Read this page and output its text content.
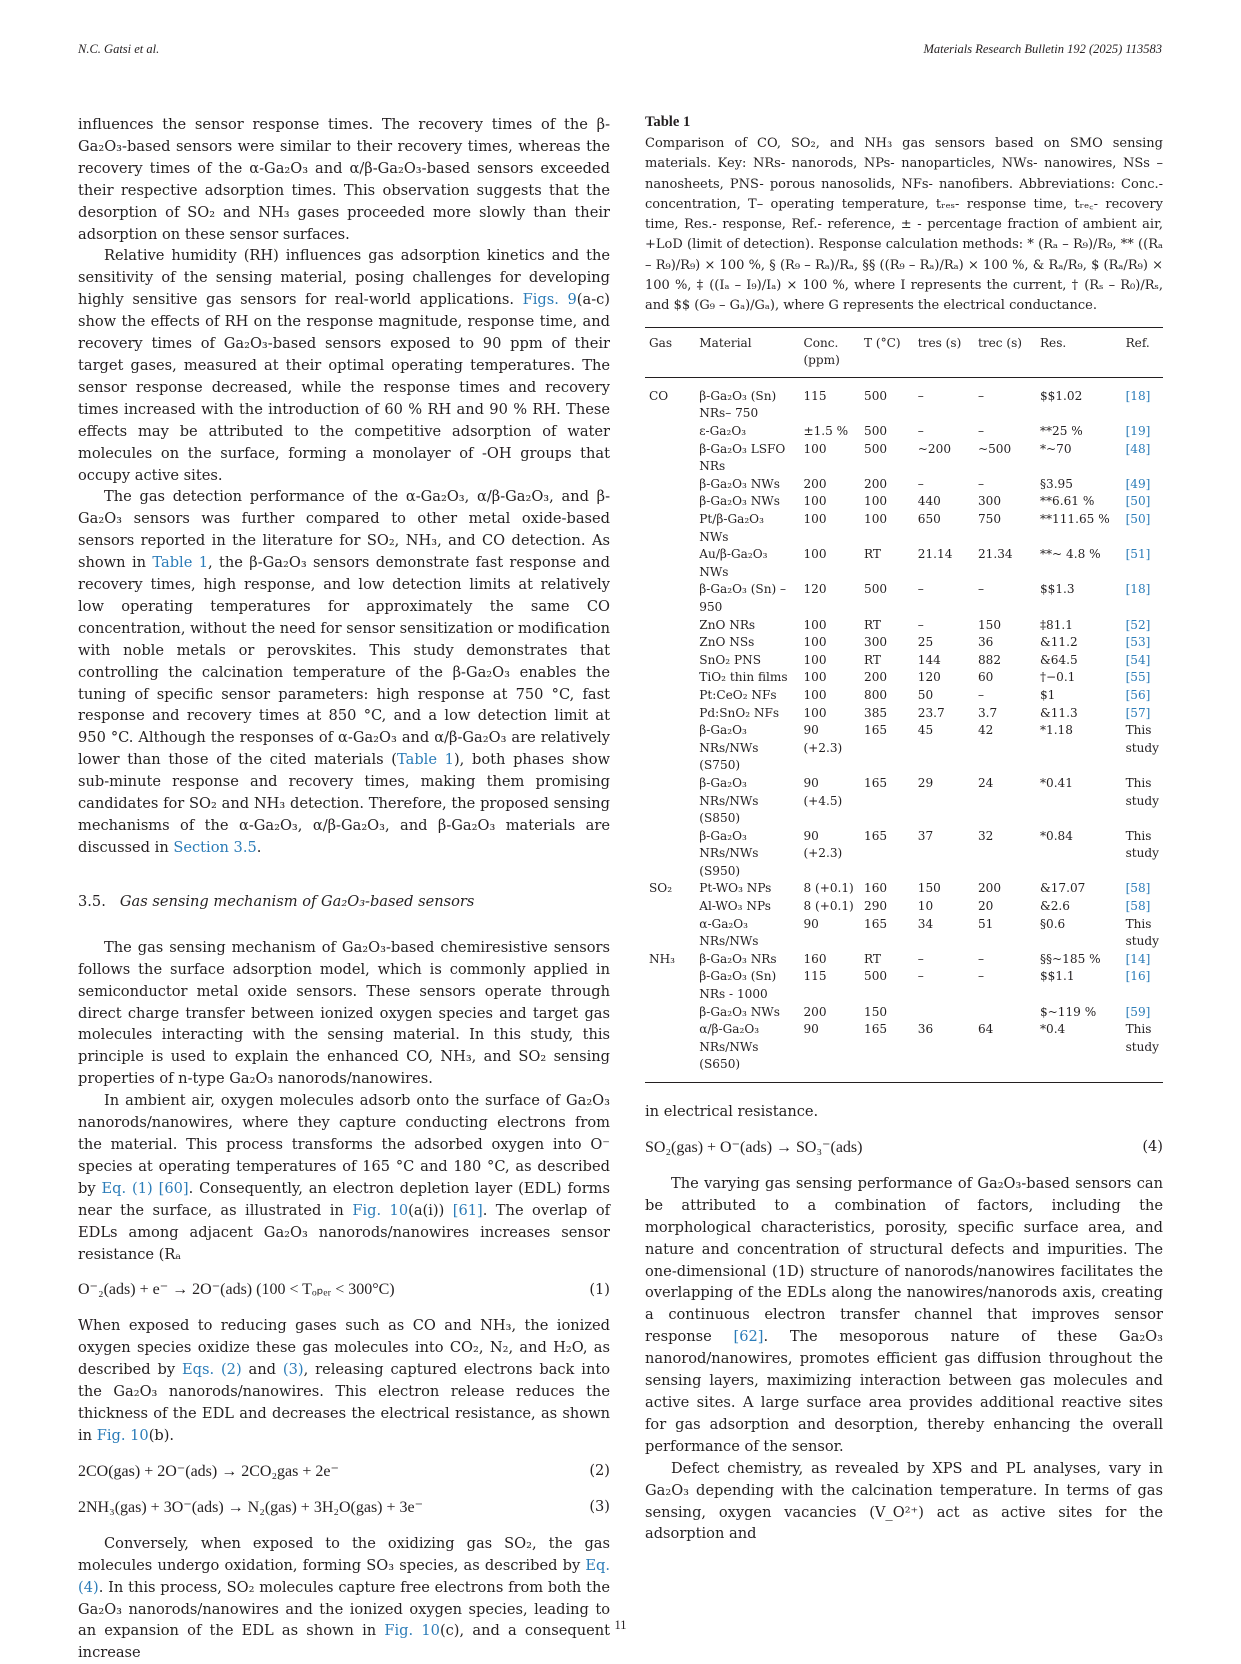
N.C. Gatsi et al.	Materials Research Bulletin 192 (2025) 113583

influences the sensor response times. The recovery times of the β-Ga₂O₃-based sensors were similar to their recovery times, whereas the recovery times of the α-Ga₂O₃ and α/β-Ga₂O₃-based sensors exceeded their respective adsorption times. This observation suggests that the desorption of SO₂ and NH₃ gases proceeded more slowly than their adsorption on these sensor surfaces.

Relative humidity (RH) influences gas adsorption kinetics and the sensitivity of the sensing material, posing challenges for developing highly sensitive gas sensors for real-world applications. Figs. 9(a-c) show the effects of RH on the response magnitude, response time, and recovery times of Ga₂O₃-based sensors exposed to 90 ppm of their target gases, measured at their optimal operating temperatures. The sensor response decreased, while the response times and recovery times increased with the introduction of 60 % RH and 90 % RH. These effects may be attributed to the competitive adsorption of water molecules on the surface, forming a monolayer of -OH groups that occupy active sites.

The gas detection performance of the α-Ga₂O₃, α/β-Ga₂O₃, and β-Ga₂O₃ sensors was further compared to other metal oxide-based sensors reported in the literature for SO₂, NH₃, and CO detection. As shown in Table 1, the β-Ga₂O₃ sensors demonstrate fast response and recovery times, high response, and low detection limits at relatively low operating temperatures for approximately the same CO concentration, without the need for sensor sensitization or modification with noble metals or perovskites. This study demonstrates that controlling the calcination temperature of the β-Ga₂O₃ enables the tuning of specific sensor parameters: high response at 750 °C, fast response and recovery times at 850 °C, and a low detection limit at 950 °C. Although the responses of α-Ga₂O₃ and α/β-Ga₂O₃ are relatively lower than those of the cited materials (Table 1), both phases show sub-minute response and recovery times, making them promising candidates for SO₂ and NH₃ detection. Therefore, the proposed sensing mechanisms of the α-Ga₂O₃, α/β-Ga₂O₃, and β-Ga₂O₃ materials are discussed in Section 3.5.

3.5. Gas sensing mechanism of Ga₂O₃-based sensors

The gas sensing mechanism of Ga₂O₃-based chemiresistive sensors follows the surface adsorption model, which is commonly applied in semiconductor metal oxide sensors. These sensors operate through direct charge transfer between ionized oxygen species and target gas molecules interacting with the sensing material. In this study, this principle is used to explain the enhanced CO, NH₃, and SO₂ sensing properties of n-type Ga₂O₃ nanorods/nanowires.

In ambient air, oxygen molecules adsorb onto the surface of Ga₂O₃ nanorods/nanowires, where they capture conducting electrons from the material. This process transforms the adsorbed oxygen into O⁻ species at operating temperatures of 165 °C and 180 °C, as described by Eq. (1) [60]. Consequently, an electron depletion layer (EDL) forms near the surface, as illustrated in Fig. 10(a(i)) [61]. The overlap of EDLs among adjacent Ga₂O₃ nanorods/nanowires increases sensor resistance (Rₐ

O⁻₂(ads) + e⁻ → 2O⁻(ads) (100 < Tₒₚₑᵣ < 300°C)	(1)

When exposed to reducing gases such as CO and NH₃, the ionized oxygen species oxidize these gas molecules into CO₂, N₂, and H₂O, as described by Eqs. (2) and (3), releasing captured electrons back into the Ga₂O₃ nanorods/nanowires. This electron release reduces the thickness of the EDL and decreases the electrical resistance, as shown in Fig. 10(b).

2CO(gas) + 2O⁻(ads) → 2CO₂gas + 2e⁻	(2)
2NH₃(gas) + 3O⁻(ads) → N₂(gas) + 3H₂O(gas) + 3e⁻	(3)

Conversely, when exposed to the oxidizing gas SO₂, the gas molecules undergo oxidation, forming SO₃ species, as described by Eq. (4). In this process, SO₂ molecules capture free electrons from both the Ga₂O₃ nanorods/nanowires and the ionized oxygen species, leading to an expansion of the EDL as shown in Fig. 10(c), and a consequent increase

Table 1
Comparison of CO, SO₂, and NH₃ gas sensors based on SMO sensing materials. Key: NRs- nanorods, NPs- nanoparticles, NWs- nanowires, NSs – nanosheets, PNS- porous nanosolids, NFs- nanofibers. Abbreviations: Conc.- concentration, T– operating temperature, tᵣₑₛ- response time, tᵣₑ꜀- recovery time, Res.- response, Ref.- reference, ± - percentage fraction of ambient air, +LoD (limit of detection). Response calculation methods: * (Rₐ – R₉)/R₉, ** ((Rₐ – R₉)/R₉) × 100 %, § (R₉ – Rₐ)/Rₐ, §§ ((R₉ – Rₐ)/Rₐ) × 100 %, & Rₐ/R₉, $ (Rₐ/R₉) × 100 %, ‡ ((Iₐ – I₉)/Iₐ) × 100 %, where I represents the current, † (Rₛ – R₀)/Rₛ, and $$ (G₉ – Gₐ)/Gₐ), where G represents the electrical conductance.
Gas	Material	Conc. (ppm)	T (°C)	tres (s)	trec (s)	Res.	Ref.
CO	β-Ga₂O₃ (Sn) NRs– 750	115	500	–	–	$$1.02	[18]
	ε-Ga₂O₃	±1.5 %	500	–	–	**25 %	[19]
	β-Ga₂O₃ LSFO NRs	100	500	~200	~500	*~70	[48]
	β-Ga₂O₃ NWs	200	200	–	–	§3.95	[49]
	β-Ga₂O₃ NWs	100	100	440	300	**6.61 %	[50]
	Pt/β-Ga₂O₃ NWs	100	100	650	750	**111.65 %	[50]
	Au/β-Ga₂O₃ NWs	100	RT	21.14	21.34	**~ 4.8 %	[51]
	β-Ga₂O₃ (Sn) – 950	120	500	–	–	$$1.3	[18]
	ZnO NRs	100	RT	–	150	‡81.1	[52]
	ZnO NSs	100	300	25	36	&11.2	[53]
	SnO₂ PNS	100	RT	144	882	&64.5	[54]
	TiO₂ thin films	100	200	120	60	†−0.1	[55]
	Pt:CeO₂ NFs	100	800	50	–	$1	[56]
	Pd:SnO₂ NFs	100	385	23.7	3.7	&11.3	[57]
	β-Ga₂O₃ NRs/NWs (S750)	90 (+2.3)	165	45	42	*1.18	This study
	β-Ga₂O₃ NRs/NWs (S850)	90 (+4.5)	165	29	24	*0.41	This study
	β-Ga₂O₃ NRs/NWs (S950)	90 (+2.3)	165	37	32	*0.84	This study
SO₂	Pt-WO₃ NPs	8 (+0.1)	160	150	200	&17.07	[58]
	Al-WO₃ NPs	8 (+0.1)	290	10	20	&2.6	[58]
	α-Ga₂O₃ NRs/NWs	90	165	34	51	§0.6	This study
NH₃	β-Ga₂O₃ NRs	160	RT	–	–	§§~185 %	[14]
	β-Ga₂O₃ (Sn) NRs - 1000	115	500	–	–	$$1.1	[16]
	β-Ga₂O₃ NWs	200	150			$~119 %	[59]
	α/β-Ga₂O₃ NRs/NWs (S650)	90	165	36	64	*0.4	This study

in electrical resistance.

SO₂(gas) + O⁻(ads) → SO₃⁻(ads)	(4)

The varying gas sensing performance of Ga₂O₃-based sensors can be attributed to a combination of factors, including the morphological characteristics, porosity, specific surface area, and nature and concentration of structural defects and impurities. The one-dimensional (1D) structure of nanorods/nanowires facilitates the overlapping of the EDLs along the nanowires/nanorods axis, creating a continuous electron transfer channel that improves sensor response [62]. The mesoporous nature of these Ga₂O₃ nanorod/nanowires, promotes efficient gas diffusion throughout the sensing layers, maximizing interaction between gas molecules and active sites. A large surface area provides additional reactive sites for gas adsorption and desorption, thereby enhancing the overall performance of the sensor.

Defect chemistry, as revealed by XPS and PL analyses, vary in Ga₂O₃ depending with the calcination temperature. In terms of gas sensing, oxygen vacancies (V_O²⁺) act as active sites for the adsorption and

11
